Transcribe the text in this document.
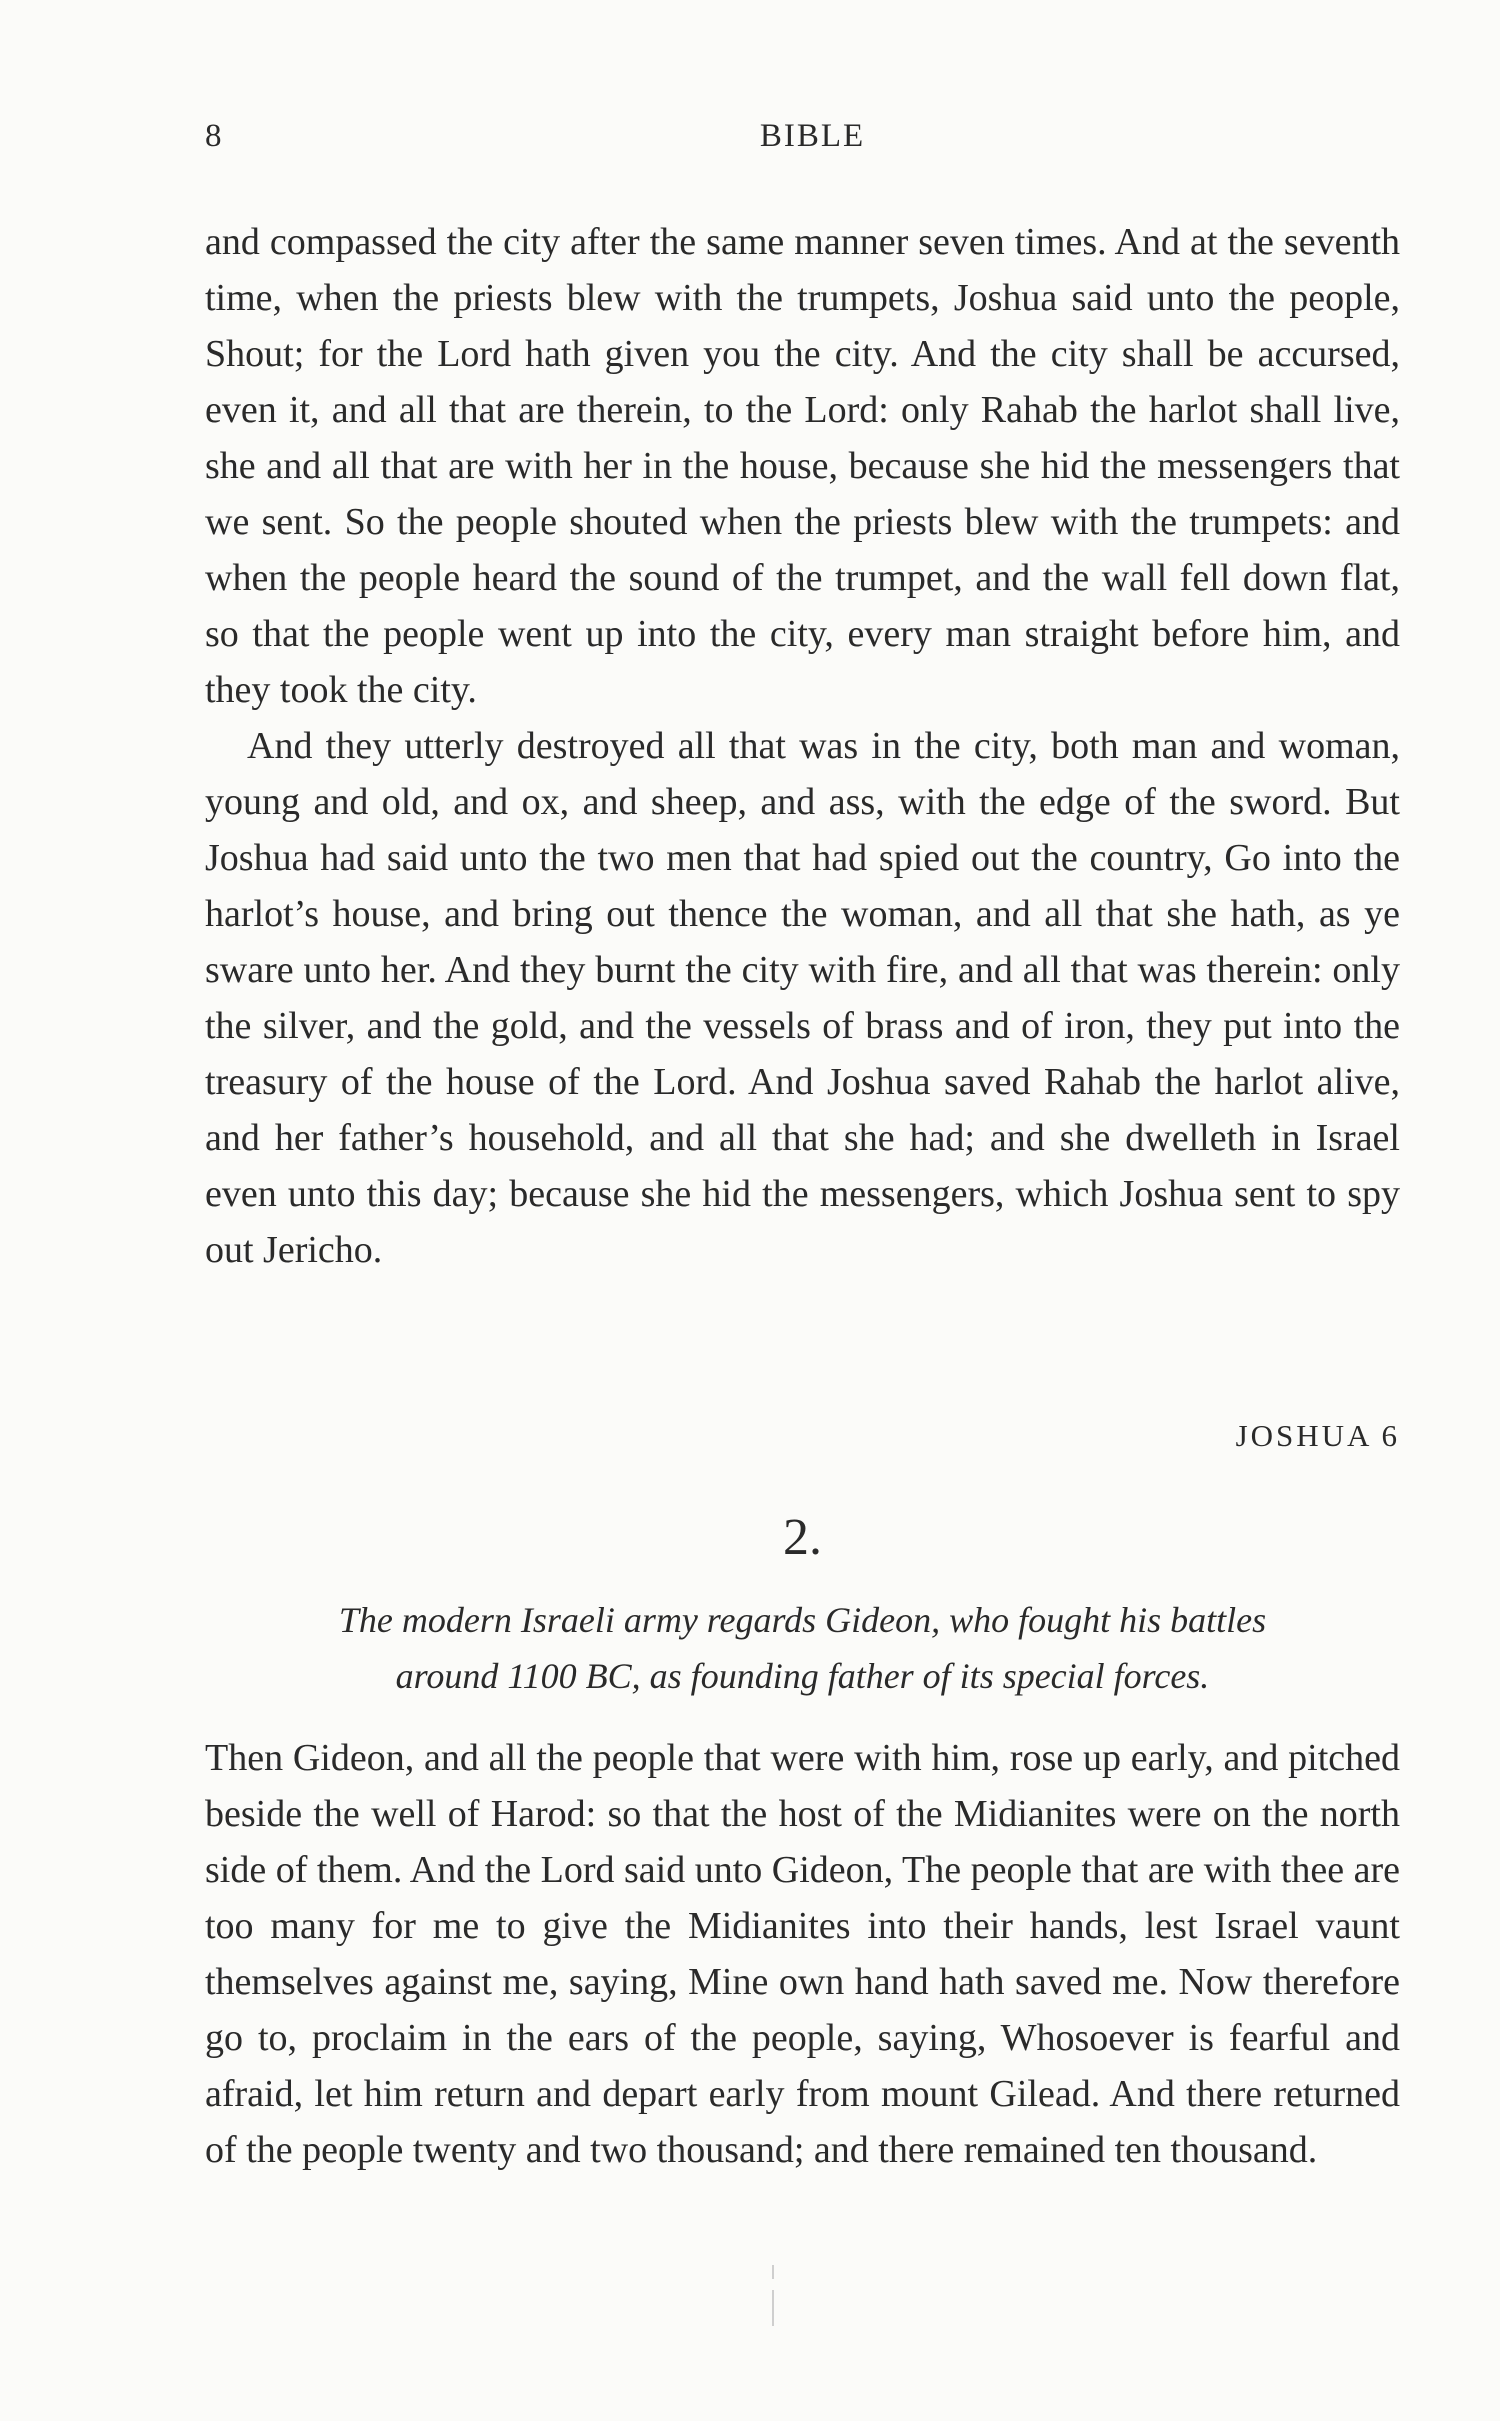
8	BIBLE

and compassed the city after the same manner seven times. And at the seventh time, when the priests blew with the trumpets, Joshua said unto the people, Shout; for the Lord hath given you the city. And the city shall be accursed, even it, and all that are therein, to the Lord: only Rahab the harlot shall live, she and all that are with her in the house, because she hid the messengers that we sent. So the people shouted when the priests blew with the trumpets: and when the people heard the sound of the trumpet, and the wall fell down flat, so that the people went up into the city, every man straight before him, and they took the city.

And they utterly destroyed all that was in the city, both man and woman, young and old, and ox, and sheep, and ass, with the edge of the sword. But Joshua had said unto the two men that had spied out the country, Go into the harlot’s house, and bring out thence the woman, and all that she hath, as ye sware unto her. And they burnt the city with fire, and all that was therein: only the silver, and the gold, and the vessels of brass and of iron, they put into the treasury of the house of the Lord. And Joshua saved Rahab the harlot alive, and her father’s household, and all that she had; and she dwelleth in Israel even unto this day; because she hid the messengers, which Joshua sent to spy out Jericho.

JOSHUA 6
2.

The modern Israeli army regards Gideon, who fought his battles

around 1100 BC, as founding father of its special forces.

Then Gideon, and all the people that were with him, rose up early, and pitched beside the well of Harod: so that the host of the Midianites were on the north side of them. And the Lord said unto Gideon, The people that are with thee are too many for me to give the Midianites into their hands, lest Israel vaunt themselves against me, saying, Mine own hand hath saved me. Now therefore go to, proclaim in the ears of the people, saying, Whosoever is fearful and afraid, let him return and depart early from mount Gilead. And there returned of the people twenty and two thousand; and there remained ten thousand.
